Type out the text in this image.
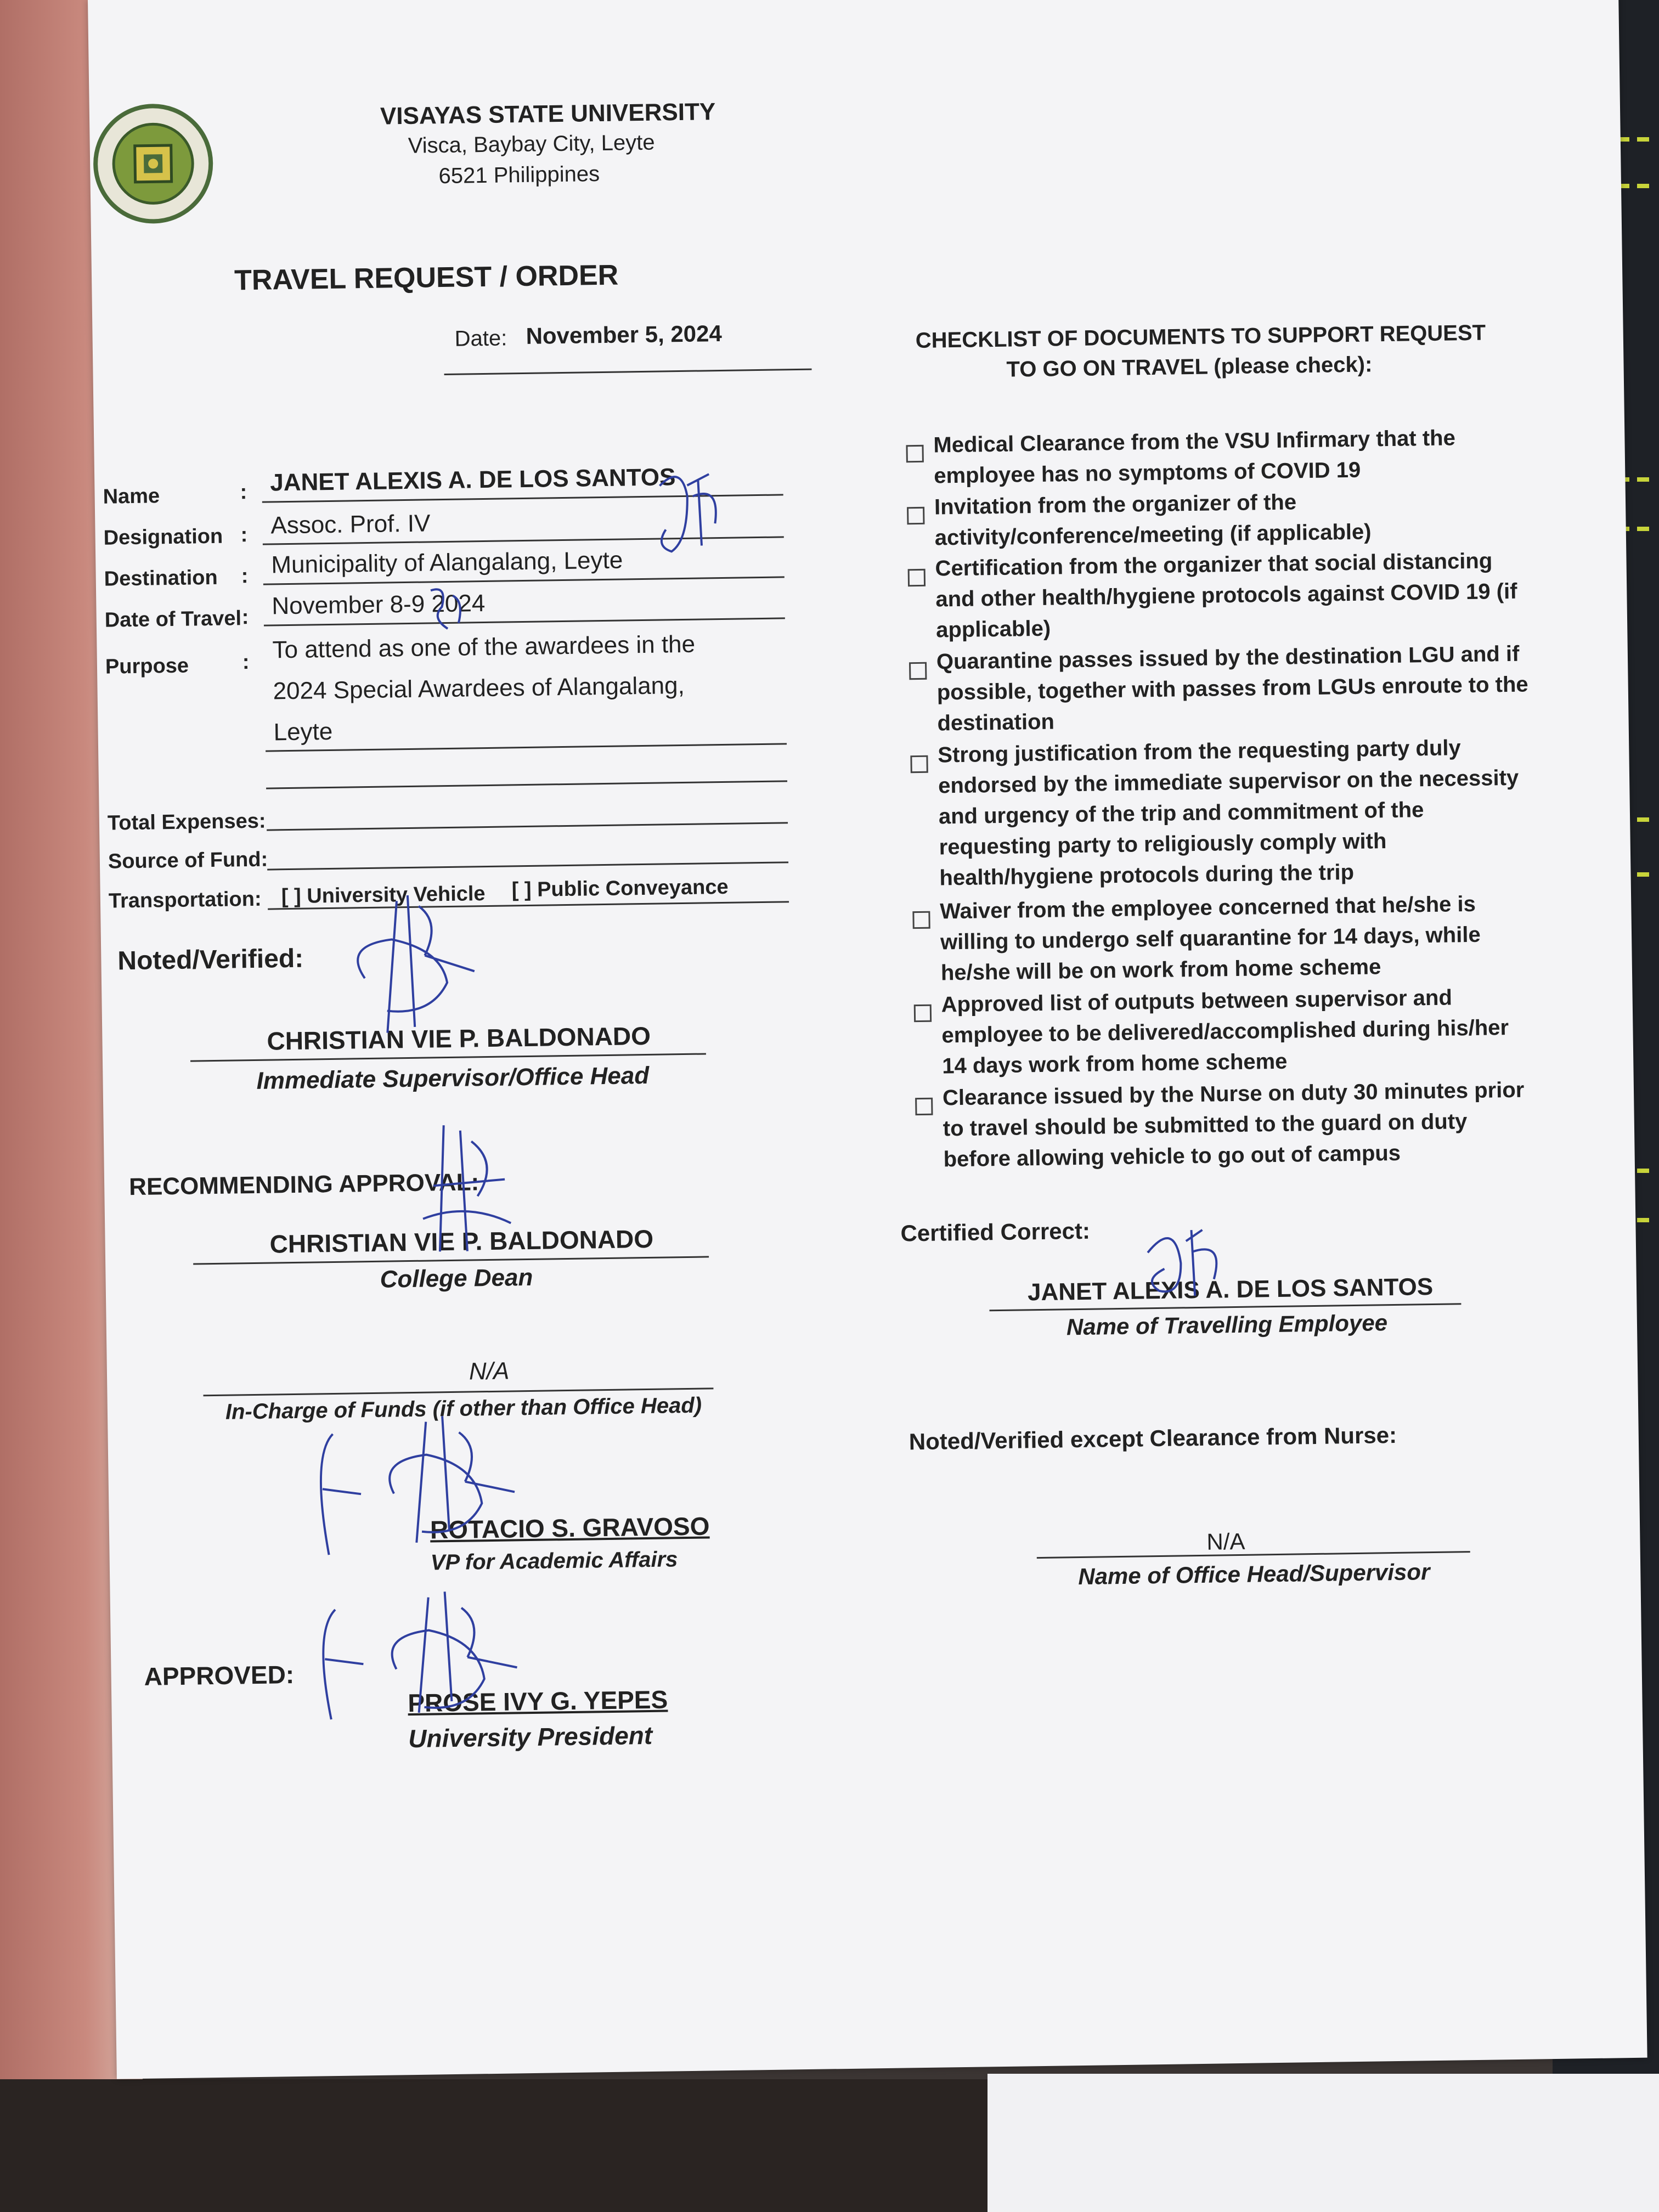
VISAYAS STATE UNIVERSITY
Visca, Baybay City, Leyte
6521 Philippines
TRAVEL REQUEST / ORDER
Date: November 5, 2024
Name	: JANET ALEXIS A. DE LOS SANTOS
Designation : Assoc. Prof. IV
Destination : Municipality of Alangalang, Leyte
Date of Travel : November 8-9 2024
Purpose	: To attend as one of the awardees in the
2024 Special Awardees of Alangalang,
Leyte
Total Expenses:
Source of Fund:
Transportation: [ ] University Vehicle [ ] Public Conveyance
Noted/Verified:
CHRISTIAN VIE P. BALDONADO
Immediate Supervisor/Office Head
RECOMMENDING APPROVAL:
CHRISTIAN VIE P. BALDONADO
College Dean
N/A
In-Charge of Funds (if other than Office Head)
ROTACIO S. GRAVOSO
VP for Academic Affairs
APPROVED:
PROSE IVY G. YEPES
University President
CHECKLIST OF DOCUMENTS TO SUPPORT REQUEST
TO GO ON TRAVEL (please check):
Medical Clearance from the VSU Infirmary that the employee has no symptoms of COVID 19
Invitation from the organizer of the activity/conference/meeting (if applicable)
Certification from the organizer that social distancing and other health/hygiene protocols against COVID 19 (if applicable)
Quarantine passes issued by the destination LGU and if possible, together with passes from LGUs enroute to the destination
Strong justification from the requesting party duly endorsed by the immediate supervisor on the necessity and urgency of the trip and commitment of the requesting party to religiously comply with health/hygiene protocols during the trip
Waiver from the employee concerned that he/she is willing to undergo self quarantine for 14 days, while he/she will be on work from home scheme
Approved list of outputs between supervisor and employee to be delivered/accomplished during his/her 14 days work from home scheme
Clearance issued by the Nurse on duty 30 minutes prior to travel should be submitted to the guard on duty before allowing vehicle to go out of campus
Certified Correct:
JANET ALEXIS A. DE LOS SANTOS
Name of Travelling Employee
Noted/Verified except Clearance from Nurse:
N/A
Name of Office Head/Supervisor
